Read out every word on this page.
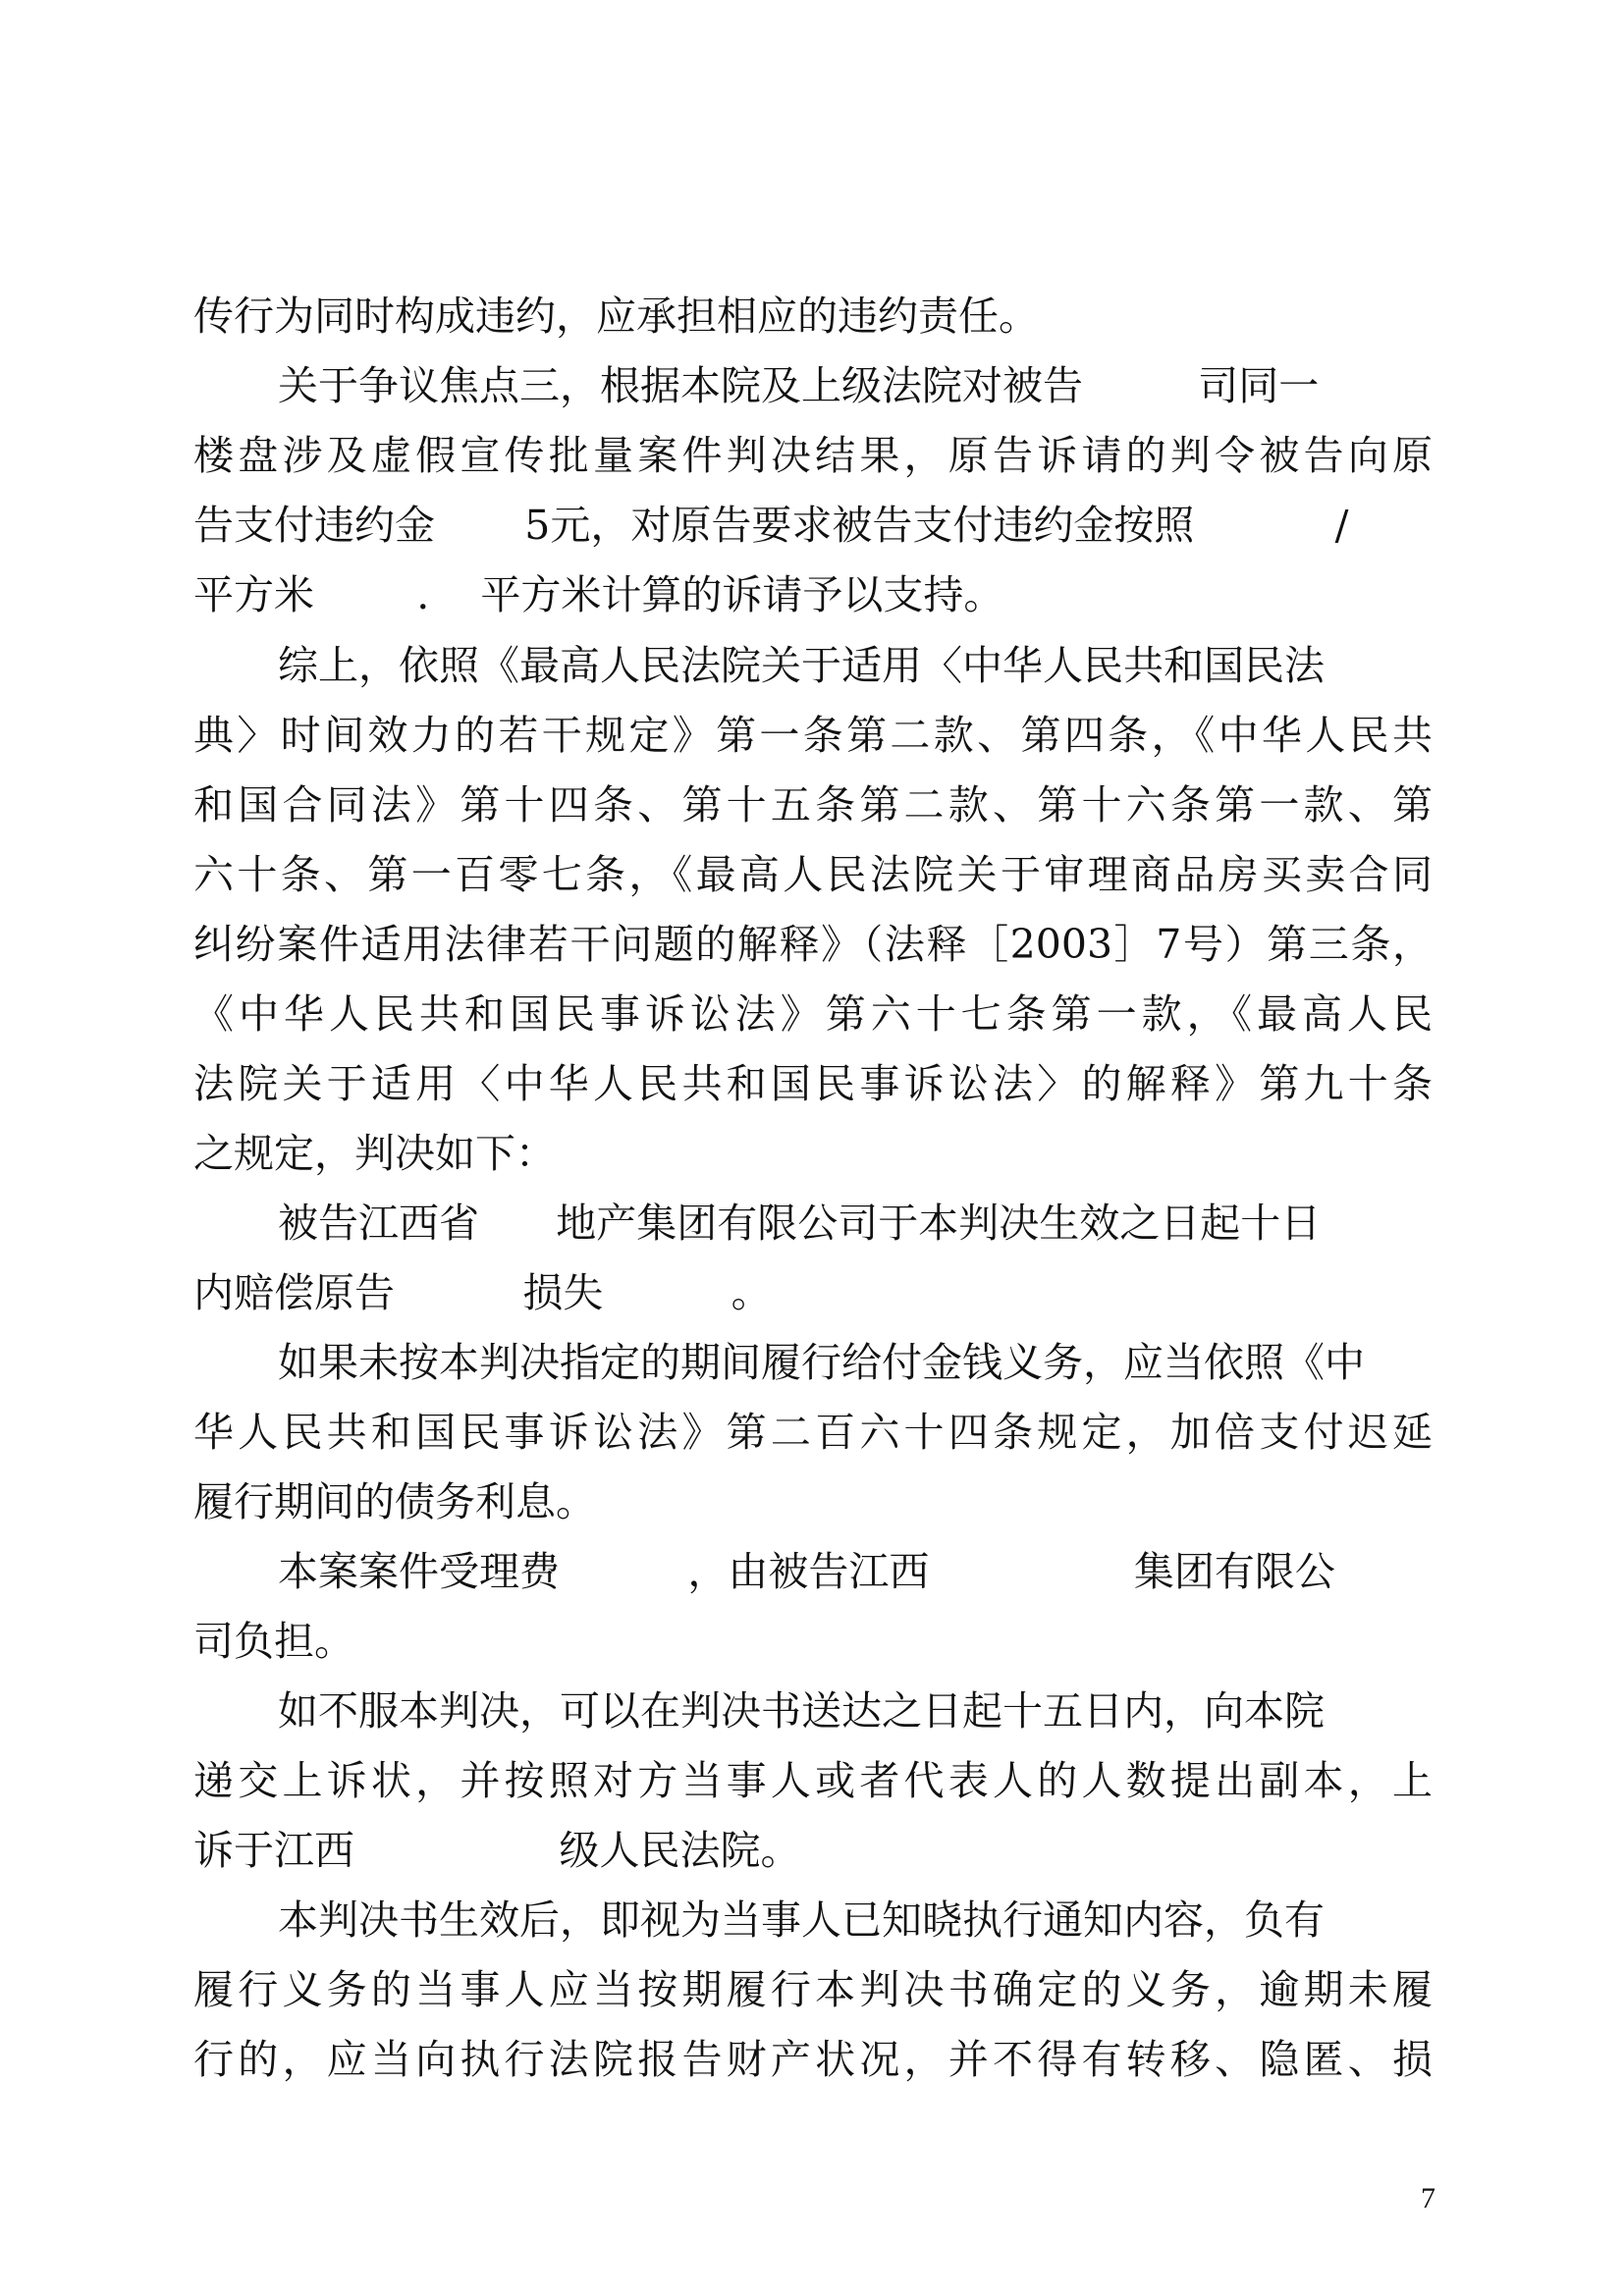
传行为同时构成违约，应承担相应的违约责任。
关于争议焦点三，根据本院及上级法院对被告         司同一
楼盘涉及虚假宣传批量案件判决结果，原告诉请的判令被告向原
告支付违约金       5元，对原告要求被告支付违约金按照           /
平方米        .    平方米计算的诉请予以支持。
综上，依照《最高人民法院关于适用〈中华人民共和国民法
典〉时间效力的若干规定》第一条第二款、第四条，《中华人民共
和国合同法》第十四条、第十五条第二款、第十六条第一款、第
六十条、第一百零七条，《最高人民法院关于审理商品房买卖合同
纠纷案件适用法律若干问题的解释》（法释［2003］7号）第三条，
《中华人民共和国民事诉讼法》第六十七条第一款，《最高人民
法院关于适用〈中华人民共和国民事诉讼法〉的解释》第九十条
之规定，判决如下：
被告江西省      地产集团有限公司于本判决生效之日起十日
内赔偿原告          损失          。
如果未按本判决指定的期间履行给付金钱义务，应当依照《中
华人民共和国民事诉讼法》第二百六十四条规定，加倍支付迟延
履行期间的债务利息。
本案案件受理费          ，由被告江西                集团有限公
司负担。
如不服本判决，可以在判决书送达之日起十五日内，向本院
递交上诉状，并按照对方当事人或者代表人的人数提出副本，上
诉于江西                级人民法院。
本判决书生效后，即视为当事人已知晓执行通知内容，负有
履行义务的当事人应当按期履行本判决书确定的义务，逾期未履
行的，应当向执行法院报告财产状况，并不得有转移、隐匿、损
7
